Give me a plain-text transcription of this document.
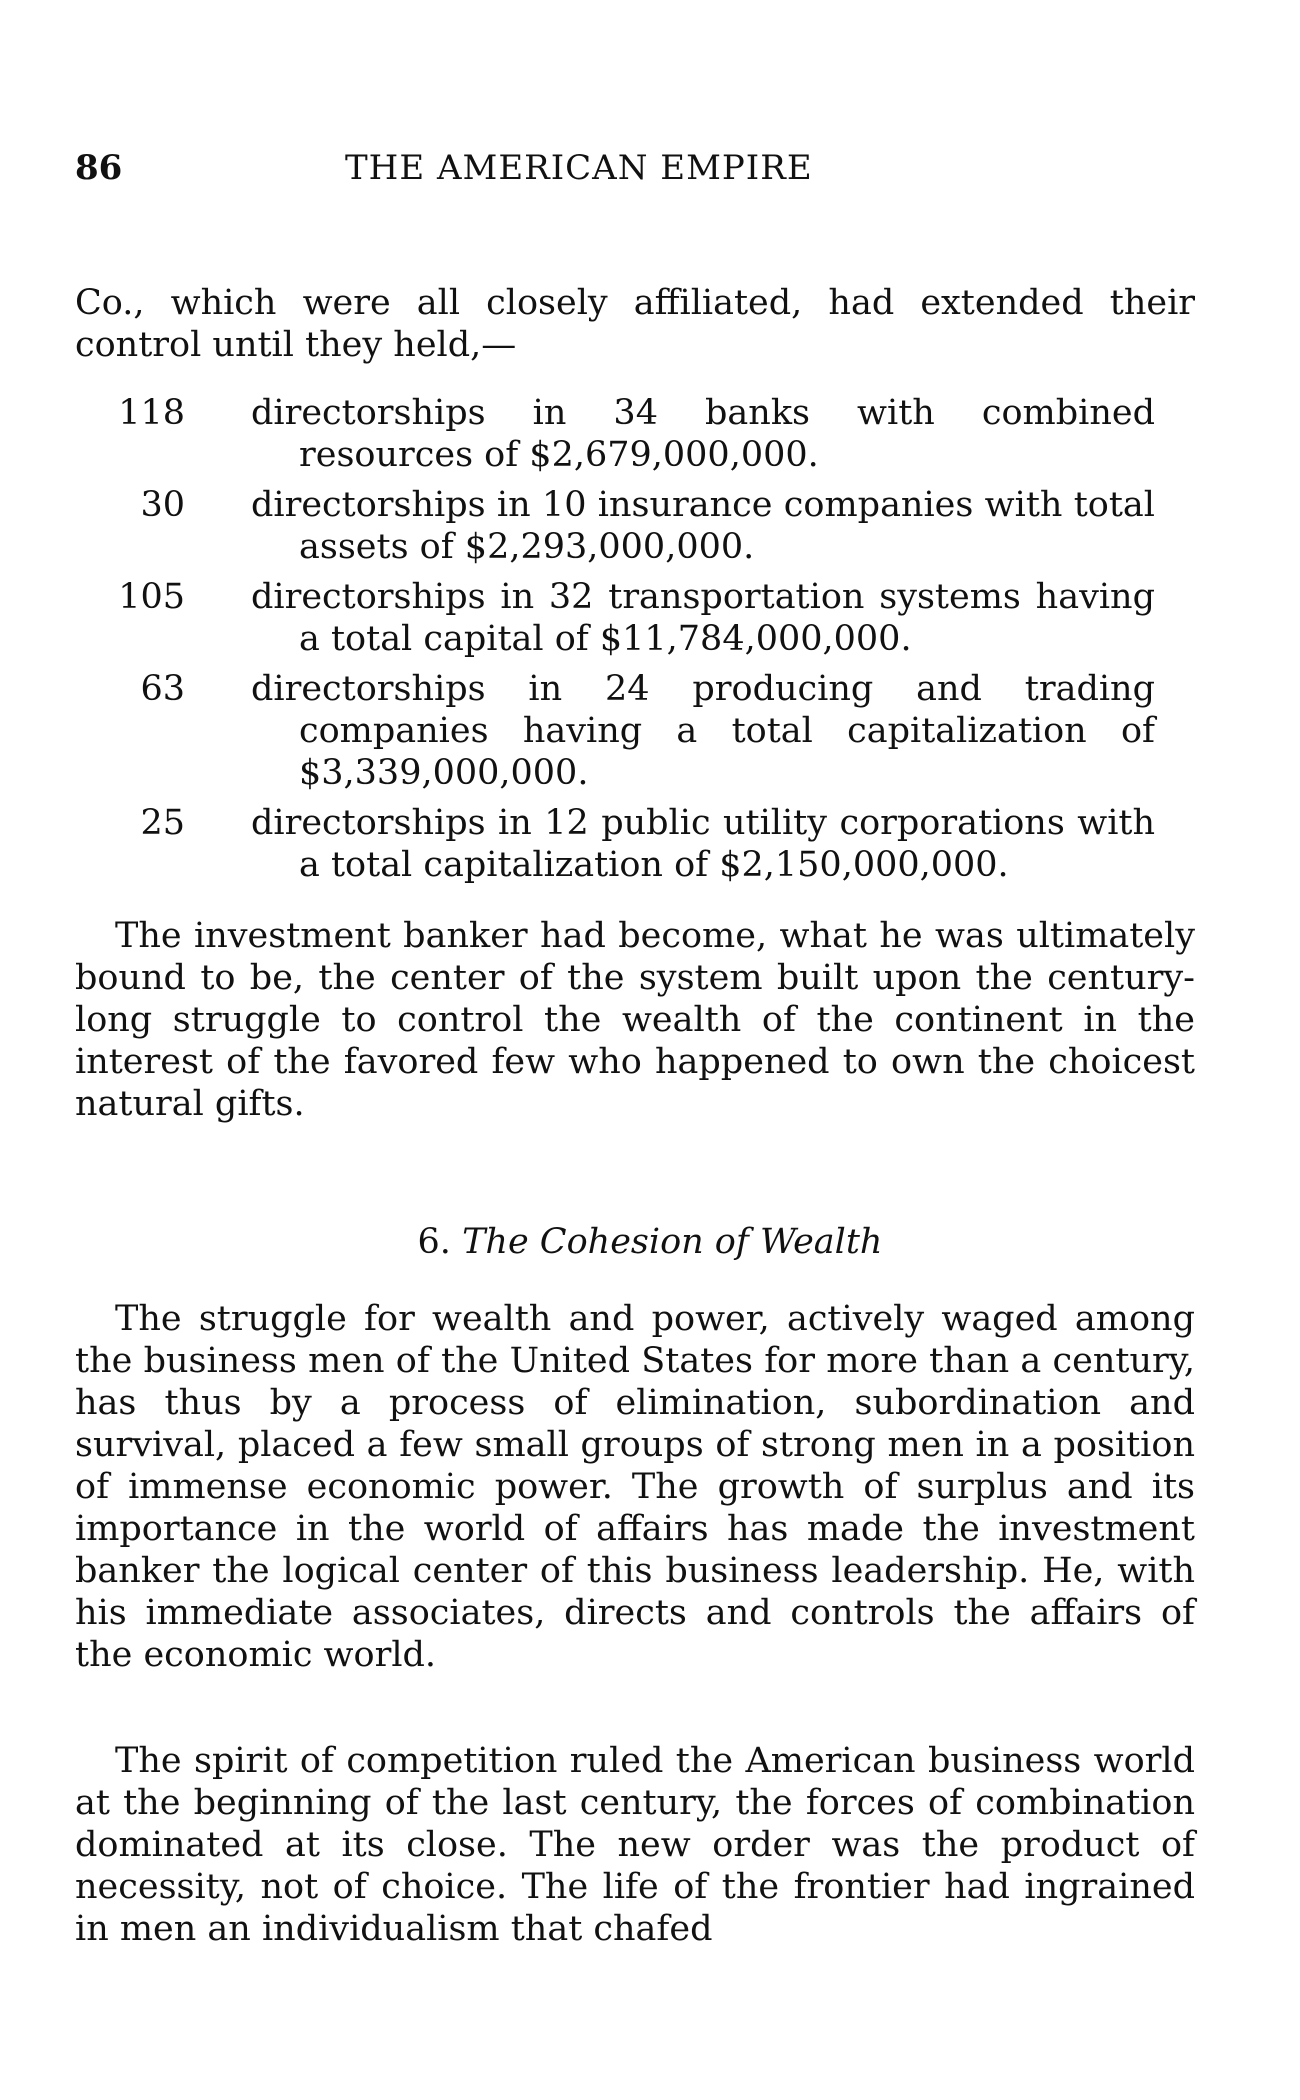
86	THE AMERICAN EMPIRE

Co., which were all closely affiliated, had extended their control until they held,—

118 directorships in 34 banks with combined resources of $2,679,000,000.
30 directorships in 10 insurance companies with total assets of $2,293,000,000.
105 directorships in 32 transportation systems having a total capital of $11,784,000,000.
63 directorships in 24 producing and trading companies having a total capitalization of $3,339,000,000.
25 directorships in 12 public utility corporations with a total capitalization of $2,150,000,000.

The investment banker had become, what he was ultimately bound to be, the center of the system built upon the century-long struggle to control the wealth of the continent in the interest of the favored few who happened to own the choicest natural gifts.

6. The Cohesion of Wealth

The struggle for wealth and power, actively waged among the business men of the United States for more than a century, has thus by a process of elimination, subordination and survival, placed a few small groups of strong men in a position of immense economic power. The growth of surplus and its importance in the world of affairs has made the investment banker the logical center of this business leadership. He, with his immediate associates, directs and controls the affairs of the economic world.

The spirit of competition ruled the American business world at the beginning of the last century, the forces of combination dominated at its close. The new order was the product of necessity, not of choice. The life of the frontier had ingrained in men an individualism that chafed
